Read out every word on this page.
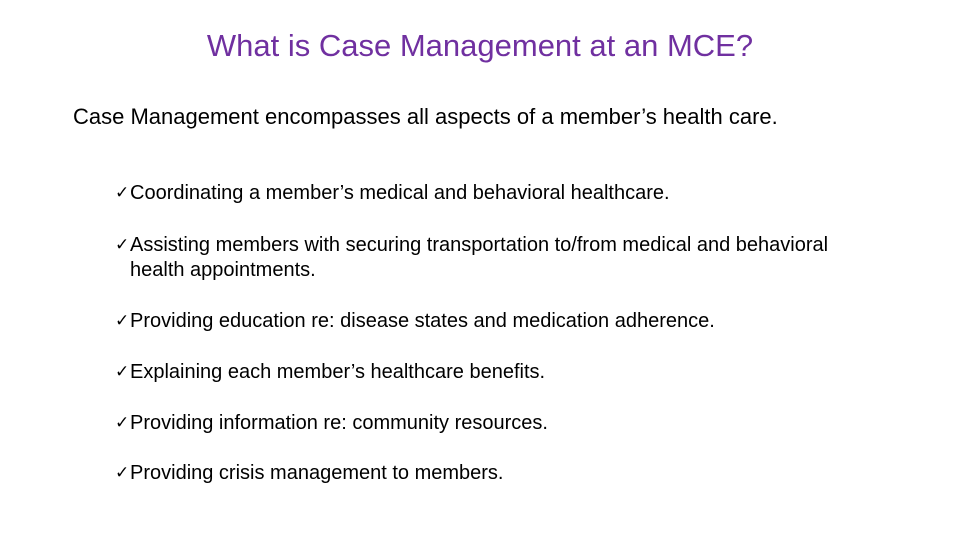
What is Case Management at an MCE?

Case Management encompasses all aspects of a member’s health care.

✓ Coordinating a member’s medical and behavioral healthcare.
✓ Assisting members with securing transportation to/from medical and behavioral health appointments.
✓ Providing education re: disease states and medication adherence.
✓ Explaining each member’s healthcare benefits.
✓ Providing information re: community resources.
✓ Providing crisis management to members.
